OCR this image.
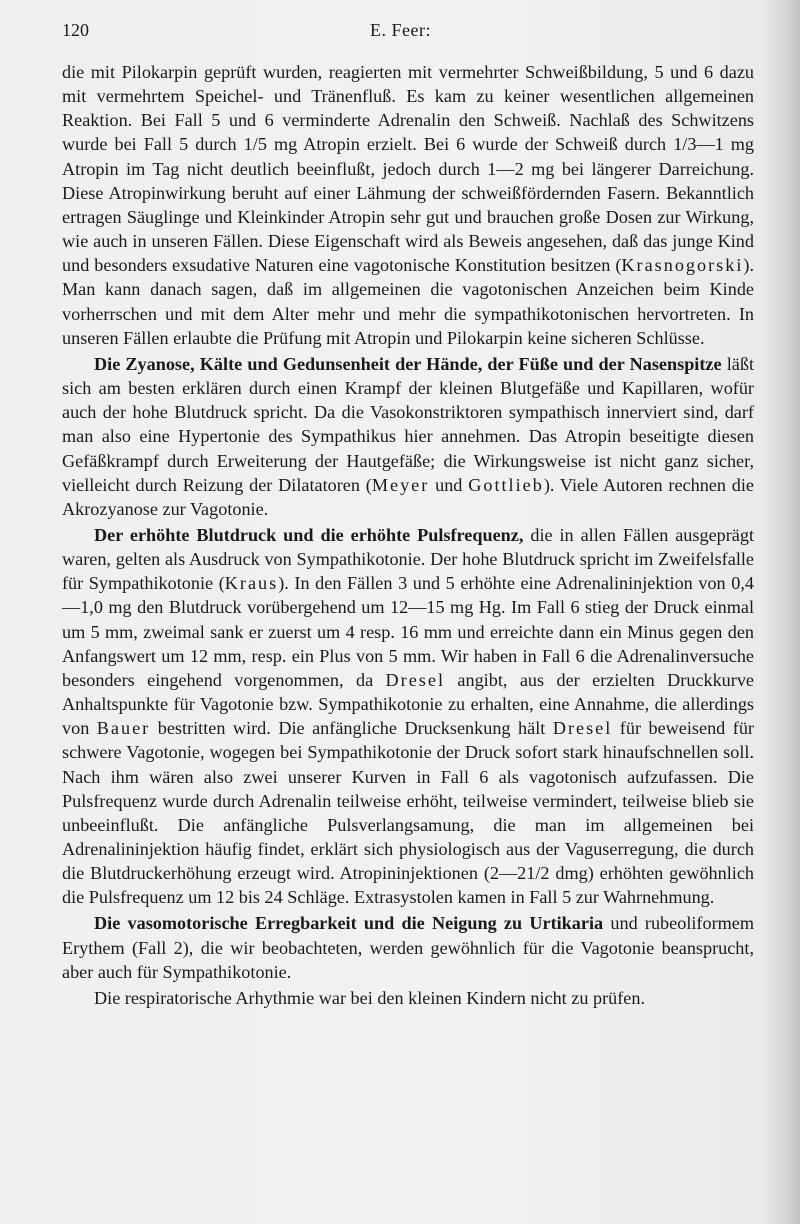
120	E. Feer:

die mit Pilokarpin geprüft wurden, reagierten mit vermehrter Schweißbildung, 5 und 6 dazu mit vermehrtem Speichel- und Tränenfluß. Es kam zu keiner wesentlichen allgemeinen Reaktion. Bei Fall 5 und 6 verminderte Adrenalin den Schweiß. Nachlaß des Schwitzens wurde bei Fall 5 durch 1/5 mg Atropin erzielt. Bei 6 wurde der Schweiß durch 1/3—1 mg Atropin im Tag nicht deutlich beeinflußt, jedoch durch 1—2 mg bei längerer Darreichung. Diese Atropinwirkung beruht auf einer Lähmung der schweißfördernden Fasern. Bekanntlich ertragen Säuglinge und Kleinkinder Atropin sehr gut und brauchen große Dosen zur Wirkung, wie auch in unseren Fällen. Diese Eigenschaft wird als Beweis angesehen, daß das junge Kind und besonders exsudative Naturen eine vagotonische Konstitution besitzen (Krasnogorski). Man kann danach sagen, daß im allgemeinen die vagotonischen Anzeichen beim Kinde vorherrschen und mit dem Alter mehr und mehr die sympathikotonischen hervortreten. In unseren Fällen erlaubte die Prüfung mit Atropin und Pilokarpin keine sicheren Schlüsse.

Die Zyanose, Kälte und Gedunsenheit der Hände, der Füße und der Nasenspitze läßt sich am besten erklären durch einen Krampf der kleinen Blutgefäße und Kapillaren, wofür auch der hohe Blutdruck spricht. Da die Vasokonstriktoren sympathisch innerviert sind, darf man also eine Hypertonie des Sympathikus hier annehmen. Das Atropin beseitigte diesen Gefäßkrampf durch Erweiterung der Hautgefäße; die Wirkungsweise ist nicht ganz sicher, vielleicht durch Reizung der Dilatatoren (Meyer und Gottlieb). Viele Autoren rechnen die Akrozyanose zur Vagotonie.

Der erhöhte Blutdruck und die erhöhte Pulsfrequenz, die in allen Fällen ausgeprägt waren, gelten als Ausdruck von Sympathikotonie. Der hohe Blutdruck spricht im Zweifelsfalle für Sympathikotonie (Kraus). In den Fällen 3 und 5 erhöhte eine Adrenalininjektion von 0,4—1,0 mg den Blutdruck vorübergehend um 12—15 mg Hg. Im Fall 6 stieg der Druck einmal um 5 mm, zweimal sank er zuerst um 4 resp. 16 mm und erreichte dann ein Minus gegen den Anfangswert um 12 mm, resp. ein Plus von 5 mm. Wir haben in Fall 6 die Adrenalinversuche besonders eingehend vorgenommen, da Dresel angibt, aus der erzielten Druckkurve Anhaltspunkte für Vagotonie bzw. Sympathikotonie zu erhalten, eine Annahme, die allerdings von Bauer bestritten wird. Die anfängliche Drucksenkung hält Dresel für beweisend für schwere Vagotonie, wogegen bei Sympathikotonie der Druck sofort stark hinaufschnellen soll. Nach ihm wären also zwei unserer Kurven in Fall 6 als vagotonisch aufzufassen. Die Pulsfrequenz wurde durch Adrenalin teilweise erhöht, teilweise vermindert, teilweise blieb sie unbeeinflußt. Die anfängliche Pulsverlangsamung, die man im allgemeinen bei Adrenalininjektion häufig findet, erklärt sich physiologisch aus der Vaguserregung, die durch die Blutdruckerhöhung erzeugt wird. Atropininjektionen (2—21/2 dmg) erhöhten gewöhnlich die Pulsfrequenz um 12 bis 24 Schläge. Extrasystolen kamen in Fall 5 zur Wahrnehmung.

Die vasomotorische Erregbarkeit und die Neigung zu Urtikaria und rubeoliformem Erythem (Fall 2), die wir beobachteten, werden gewöhnlich für die Vagotonie beansprucht, aber auch für Sympathikotonie.

Die respiratorische Arhythmie war bei den kleinen Kindern nicht zu prüfen.
